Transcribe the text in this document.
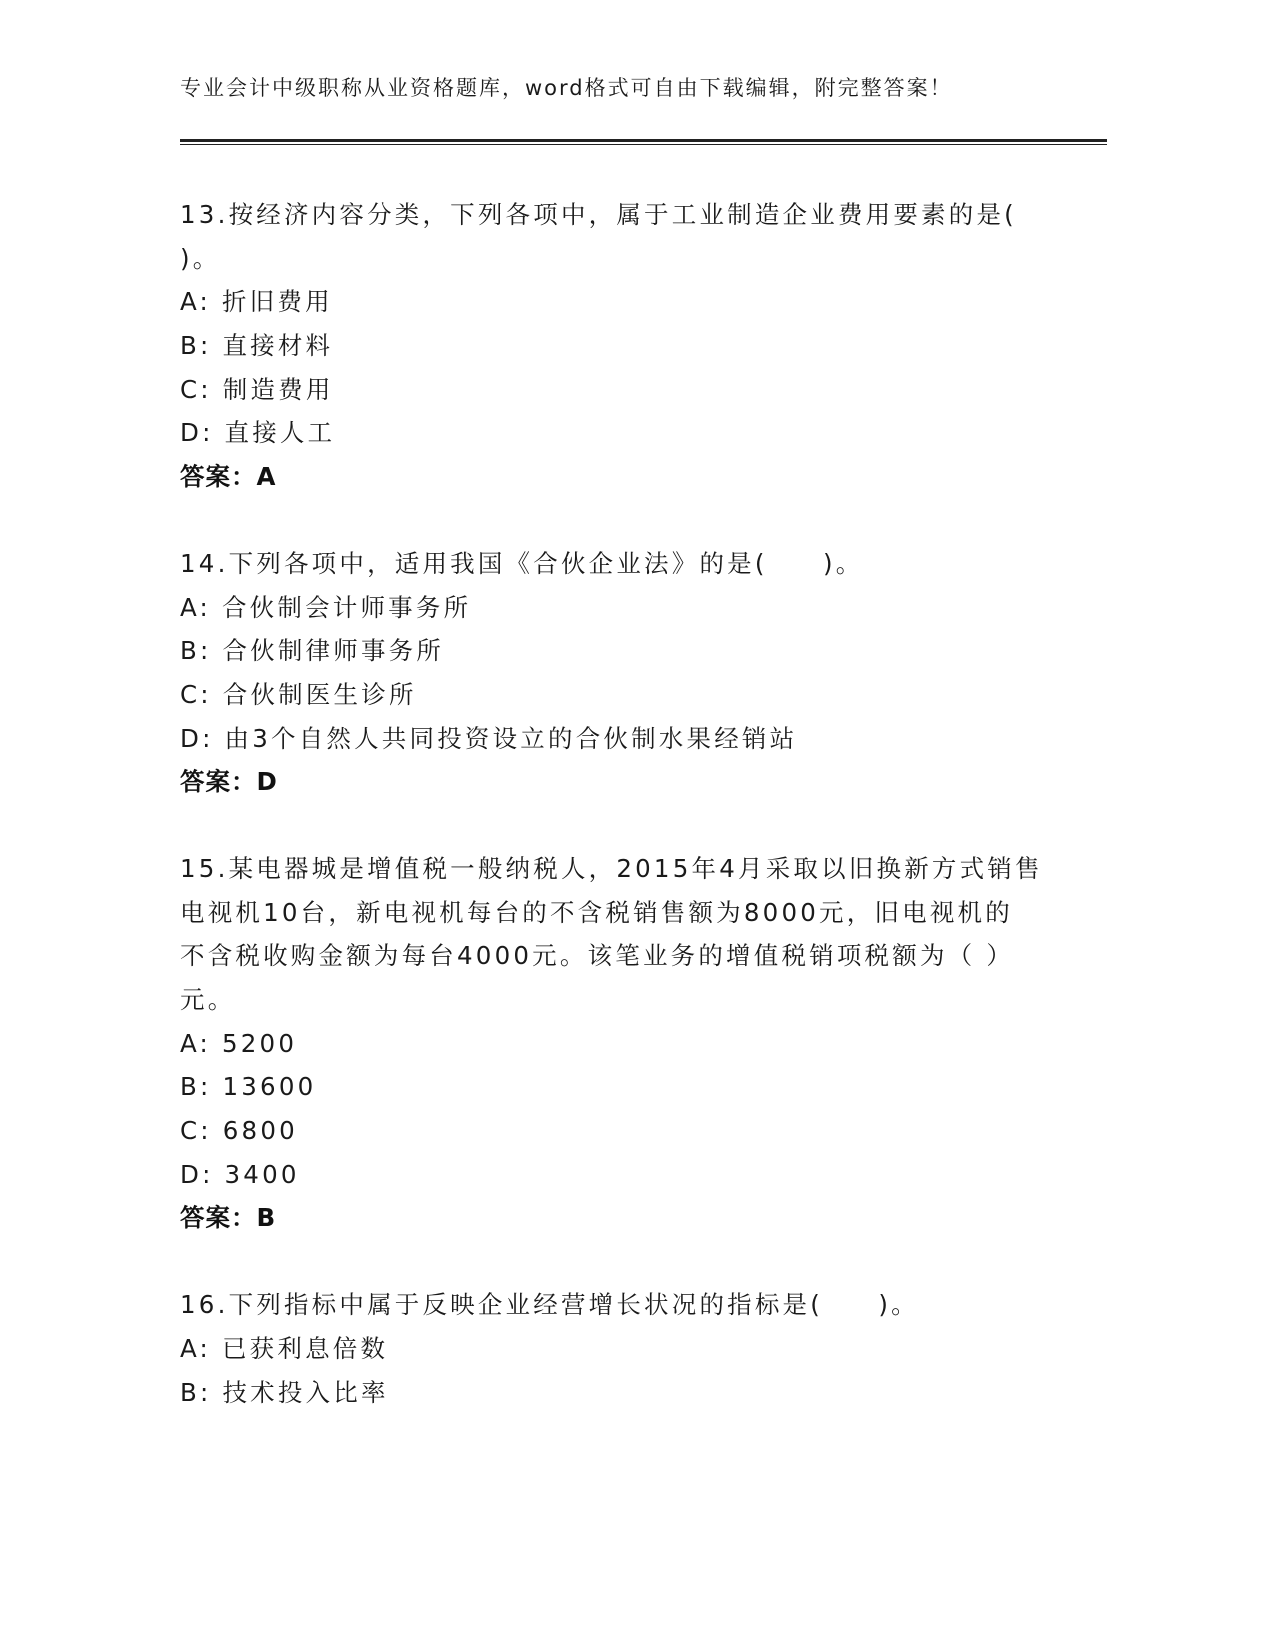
专业会计中级职称从业资格题库，word格式可自由下载编辑，附完整答案！
13.按经济内容分类，下列各项中，属于工业制造企业费用要素的是(
)。
A: 折旧费用
B: 直接材料
C: 制造费用
D: 直接人工
答案：A
14.下列各项中，适用我国《合伙企业法》的是(　　)。
A: 合伙制会计师事务所
B: 合伙制律师事务所
C: 合伙制医生诊所
D: 由3个自然人共同投资设立的合伙制水果经销站
答案：D
15.某电器城是增值税一般纳税人，2015年4月采取以旧换新方式销售
电视机10台，新电视机每台的不含税销售额为8000元，旧电视机的
不含税收购金额为每台4000元。该笔业务的增值税销项税额为（ ）
元。
A: 5200
B: 13600
C: 6800
D: 3400
答案：B
16.下列指标中属于反映企业经营增长状况的指标是(　　)。
A: 已获利息倍数
B: 技术投入比率
